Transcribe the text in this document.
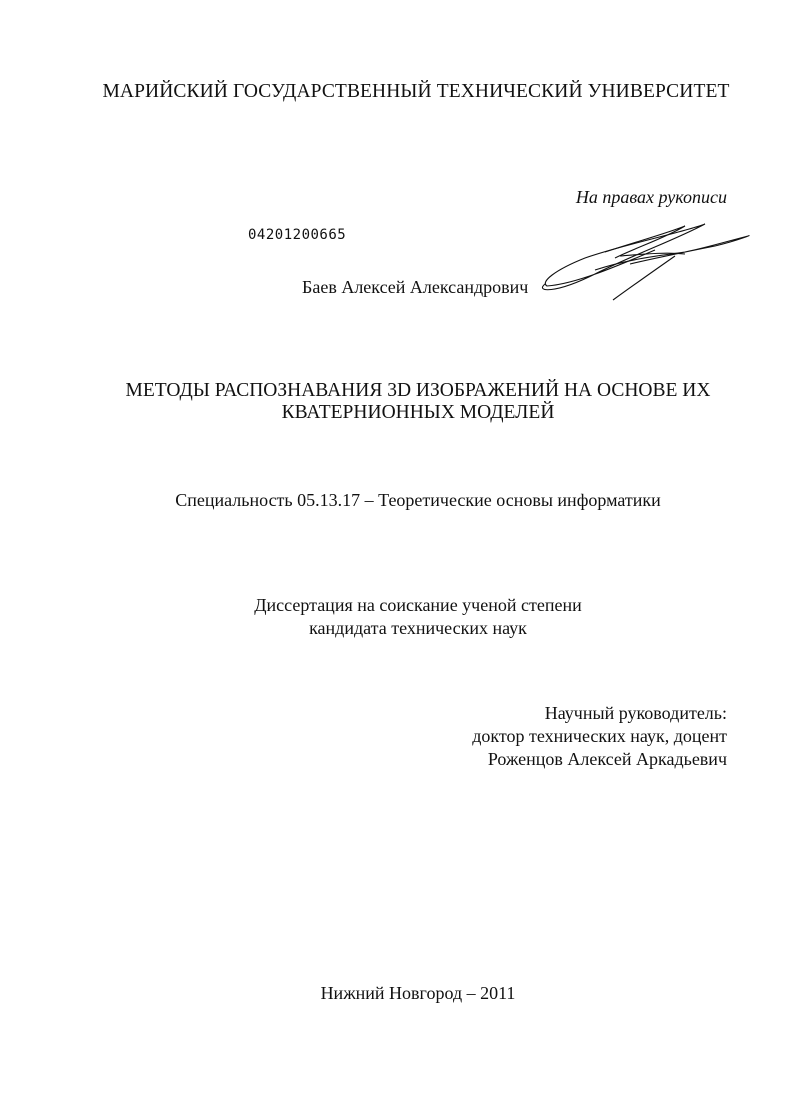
МАРИЙСКИЙ ГОСУДАРСТВЕННЫЙ ТЕХНИЧЕСКИЙ УНИВЕРСИТЕТ
На правах рукописи
04201200665
Баев Алексей Александрович
МЕТОДЫ РАСПОЗНАВАНИЯ 3D ИЗОБРАЖЕНИЙ НА ОСНОВЕ ИХ
КВАТЕРНИОННЫХ МОДЕЛЕЙ
Специальность 05.13.17 – Теоретические основы информатики
Диссертация на соискание ученой степени
кандидата технических наук
Научный руководитель:
доктор технических наук, доцент
Роженцов Алексей Аркадьевич
Нижний Новгород – 2011
